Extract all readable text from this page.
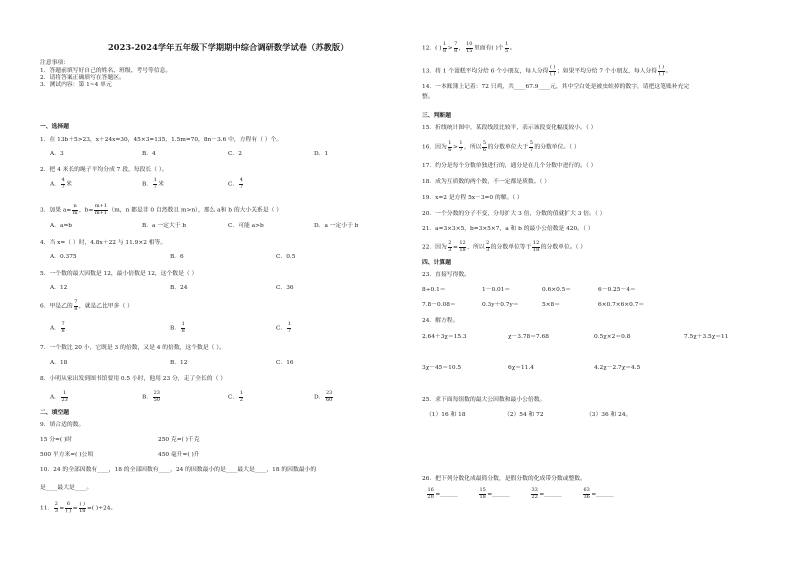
2023-2024学年五年级下学期期中综合调研数学试卷（苏教版）
注意事项：
1．答题前填写好自己的姓名、班级、考号等信息。
2．请将答案正确填写在答题区。
3．测试内容：第 1~4 单元
一、选择题
1．在 13b＋5>23，x＋24x=30，45×3=135，1.5m=70，8n－3.6 中，方程有（ ）个。
A．3	B．4	C．2	D．1
2．把 4 米长的绳子平均分成 7 段，每段长（ ）。
A． $\frac{4}{7}$ 米	B． $\frac{1}{7}$ 米	C． $\frac{4}{7}$
3．加果 $a= \frac{n}{m}$ ，$b= \frac{m+1}{m+1} (m$，n 都是非 0 自然数且 m>n），那么 a和 b 的大小关系是（ ）
A．a=b	B．a 一定大于 b	C．可能 a>b	D．a 一定小于 b
4．当 x=（ ）时，4.8x＋22 与 11.9×2 相等。
A．0.375	B．6	C．0.5
5．一个数的最大因数是 12，最小倍数是 12，这个数是（ ）
A．12	B．24	C．36
6．甲是乙的 $\frac{7}{8}$ ，就是乙比甲多（ ）
A． $\frac{7}{8}$	B． $\frac{1}{8}$	C． $\frac{1}{7}$
7．一个数比 20 小，它既是 3 的倍数，又是 4 的倍数，这个数是（ ）。
A．18	B．12	C．16
8．小明从家出发到图书馆要用 0.5 小时，他用 23 分，走了全长的（ ）
A． $\frac{1}{23}$	B． $\frac{23}{50}$	C． $\frac{1}{2}$	D． $\frac{23}{60}$
二、填空题
9．填合适的数。
15 分=( )时	250 克=( )千克
500 平方米=( )公顷	450 毫升=( )升
10．24 的全部因数有____，18 的全部因数有____，24 的因数最小的是____最大是____，18 的因数最小的
是____最大是____。
11． $\frac{2}{3} = \frac{6}{( )} = \frac{( )}{18}$ =( )÷24。
12．( ) $\frac{1}{8} > \frac{7}{8}$ ， $\frac{10}{15}$ 里面有( )个 $\frac{1}{5}$ 。
13．将 1 个蛋糕平均分给 6 个小朋友，每人分得 $\frac{( )}{( )}$ ；如果平均分给 7 个小朋友，每人分得 $\frac{( )}{( )}$ 。
14．一本账簿上记着：72 只鸡，共____67.9____元，其中空白处是被虫蛀掉的数字，请把这笔账补充完
整。
三、判断题
15．折线统计图中，某段线段比较平，表示该段变化幅度较小。（ ）
16．因为 $\frac{1}{6} > \frac{1}{7}$ ，所以 $\frac{5}{6}$ 的分数单位大于 $\frac{5}{7}$ 的分数单位。（ ）
17．约分是每个分数单独进行的，通分是在几个分数中进行的。（ ）
18．成为互质数的两个数，不一定都是质数。（ ）
19．x=2 是方程 5x－3=0 的解。（ ）
20．一个分数的分子不变，分母扩大 3 倍，分数的值就扩大 3 倍。（ ）
21．a=3×3×5，b=3×5×7，a 和 b 的最小公倍数是 420。（ ）
22．因为 $\frac{2}{3} = \frac{12}{18}$ ，所以 $\frac{2}{3}$ 的分数单位等于 $\frac{12}{18}$ 的分数单位。（ ）
四、计算题
23．直接写得数。
8÷0.1＝	1－0.01＝	0.6×0.5＝	6－0.25－4＝
7.8－0.08＝	0.3y＋0.7y＝	5×8＝	6×0.7×6×0.7＝
24．解方程。
2.64＋3χ＝15.3	χ－3.78＝7.68	0.5χ×2＝0.8	7.5χ＋3.5χ＝11
3χ－45＝10.5	6χ＝11.4	4.2χ－2.7χ＝4.5
25．求下面每组数的最大公因数和最小公倍数。
（1）16 和 18	（2）54 和 72	（3）36 和 24。
26．把下列分数化成最简分数，是假分数的化成带分数或整数。
$\frac{16}{20}$ =______	$\frac{15}{18}$ =______	$\frac{33}{22}$ =______	$\frac{63}{36}$ =______
